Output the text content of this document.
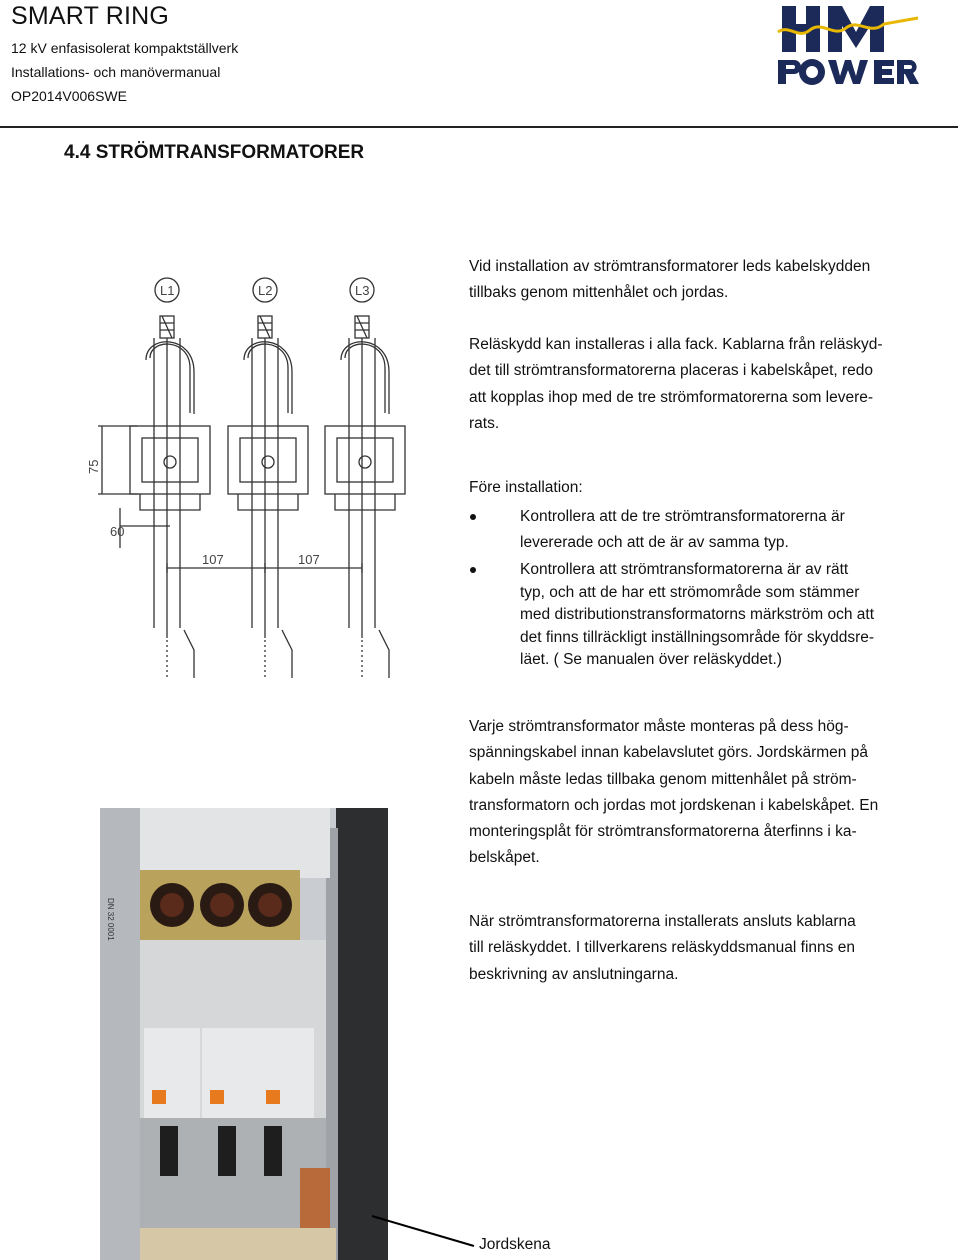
SMART RING
12 kV enfasisolerat kompaktställverk
Installations- och manövermanual
OP2014V006SWE
4.4 STRÖMTRANSFORMATORER

Vid installation av strömtransformatorer leds kabelskydden

tillbaks genom mittenhålet och jordas.

Reläskydd kan installeras i alla fack. Kablarna från reläskyd-

det till strömtransformatorerna placeras i kabelskåpet, redo

att kopplas ihop med de tre strömformatorerna som levere-

rats.

Före installation:

Kontrollera att de tre strömtransformatorerna är
levererade och att de är av samma typ.
Kontrollera att strömtransformatorerna är av rätt
typ, och att de har ett strömområde som stämmer
med distributionstransformatorns märkström och att
det finns tillräckligt inställningsområde för skyddsre-
läet. ( Se manualen över reläskyddet.)

Varje strömtransformator måste monteras på dess hög-

spänningskabel innan kabelavslutet görs. Jordskärmen på

kabeln måste ledas tillbaka genom mittenhålet på ström-

transformatorn och jordas mot jordskenan i kabelskåpet. En

monteringsplåt för strömtransformatorerna återfinns i ka-

belskåpet.

När strömtransformatorerna installerats ansluts kablarna

till reläskyddet. I tillverkarens reläskyddsmanual finns en

beskrivning av anslutningarna.

L1	L2	L3
75
60
107	107
DN 32 0001
Jordskena
